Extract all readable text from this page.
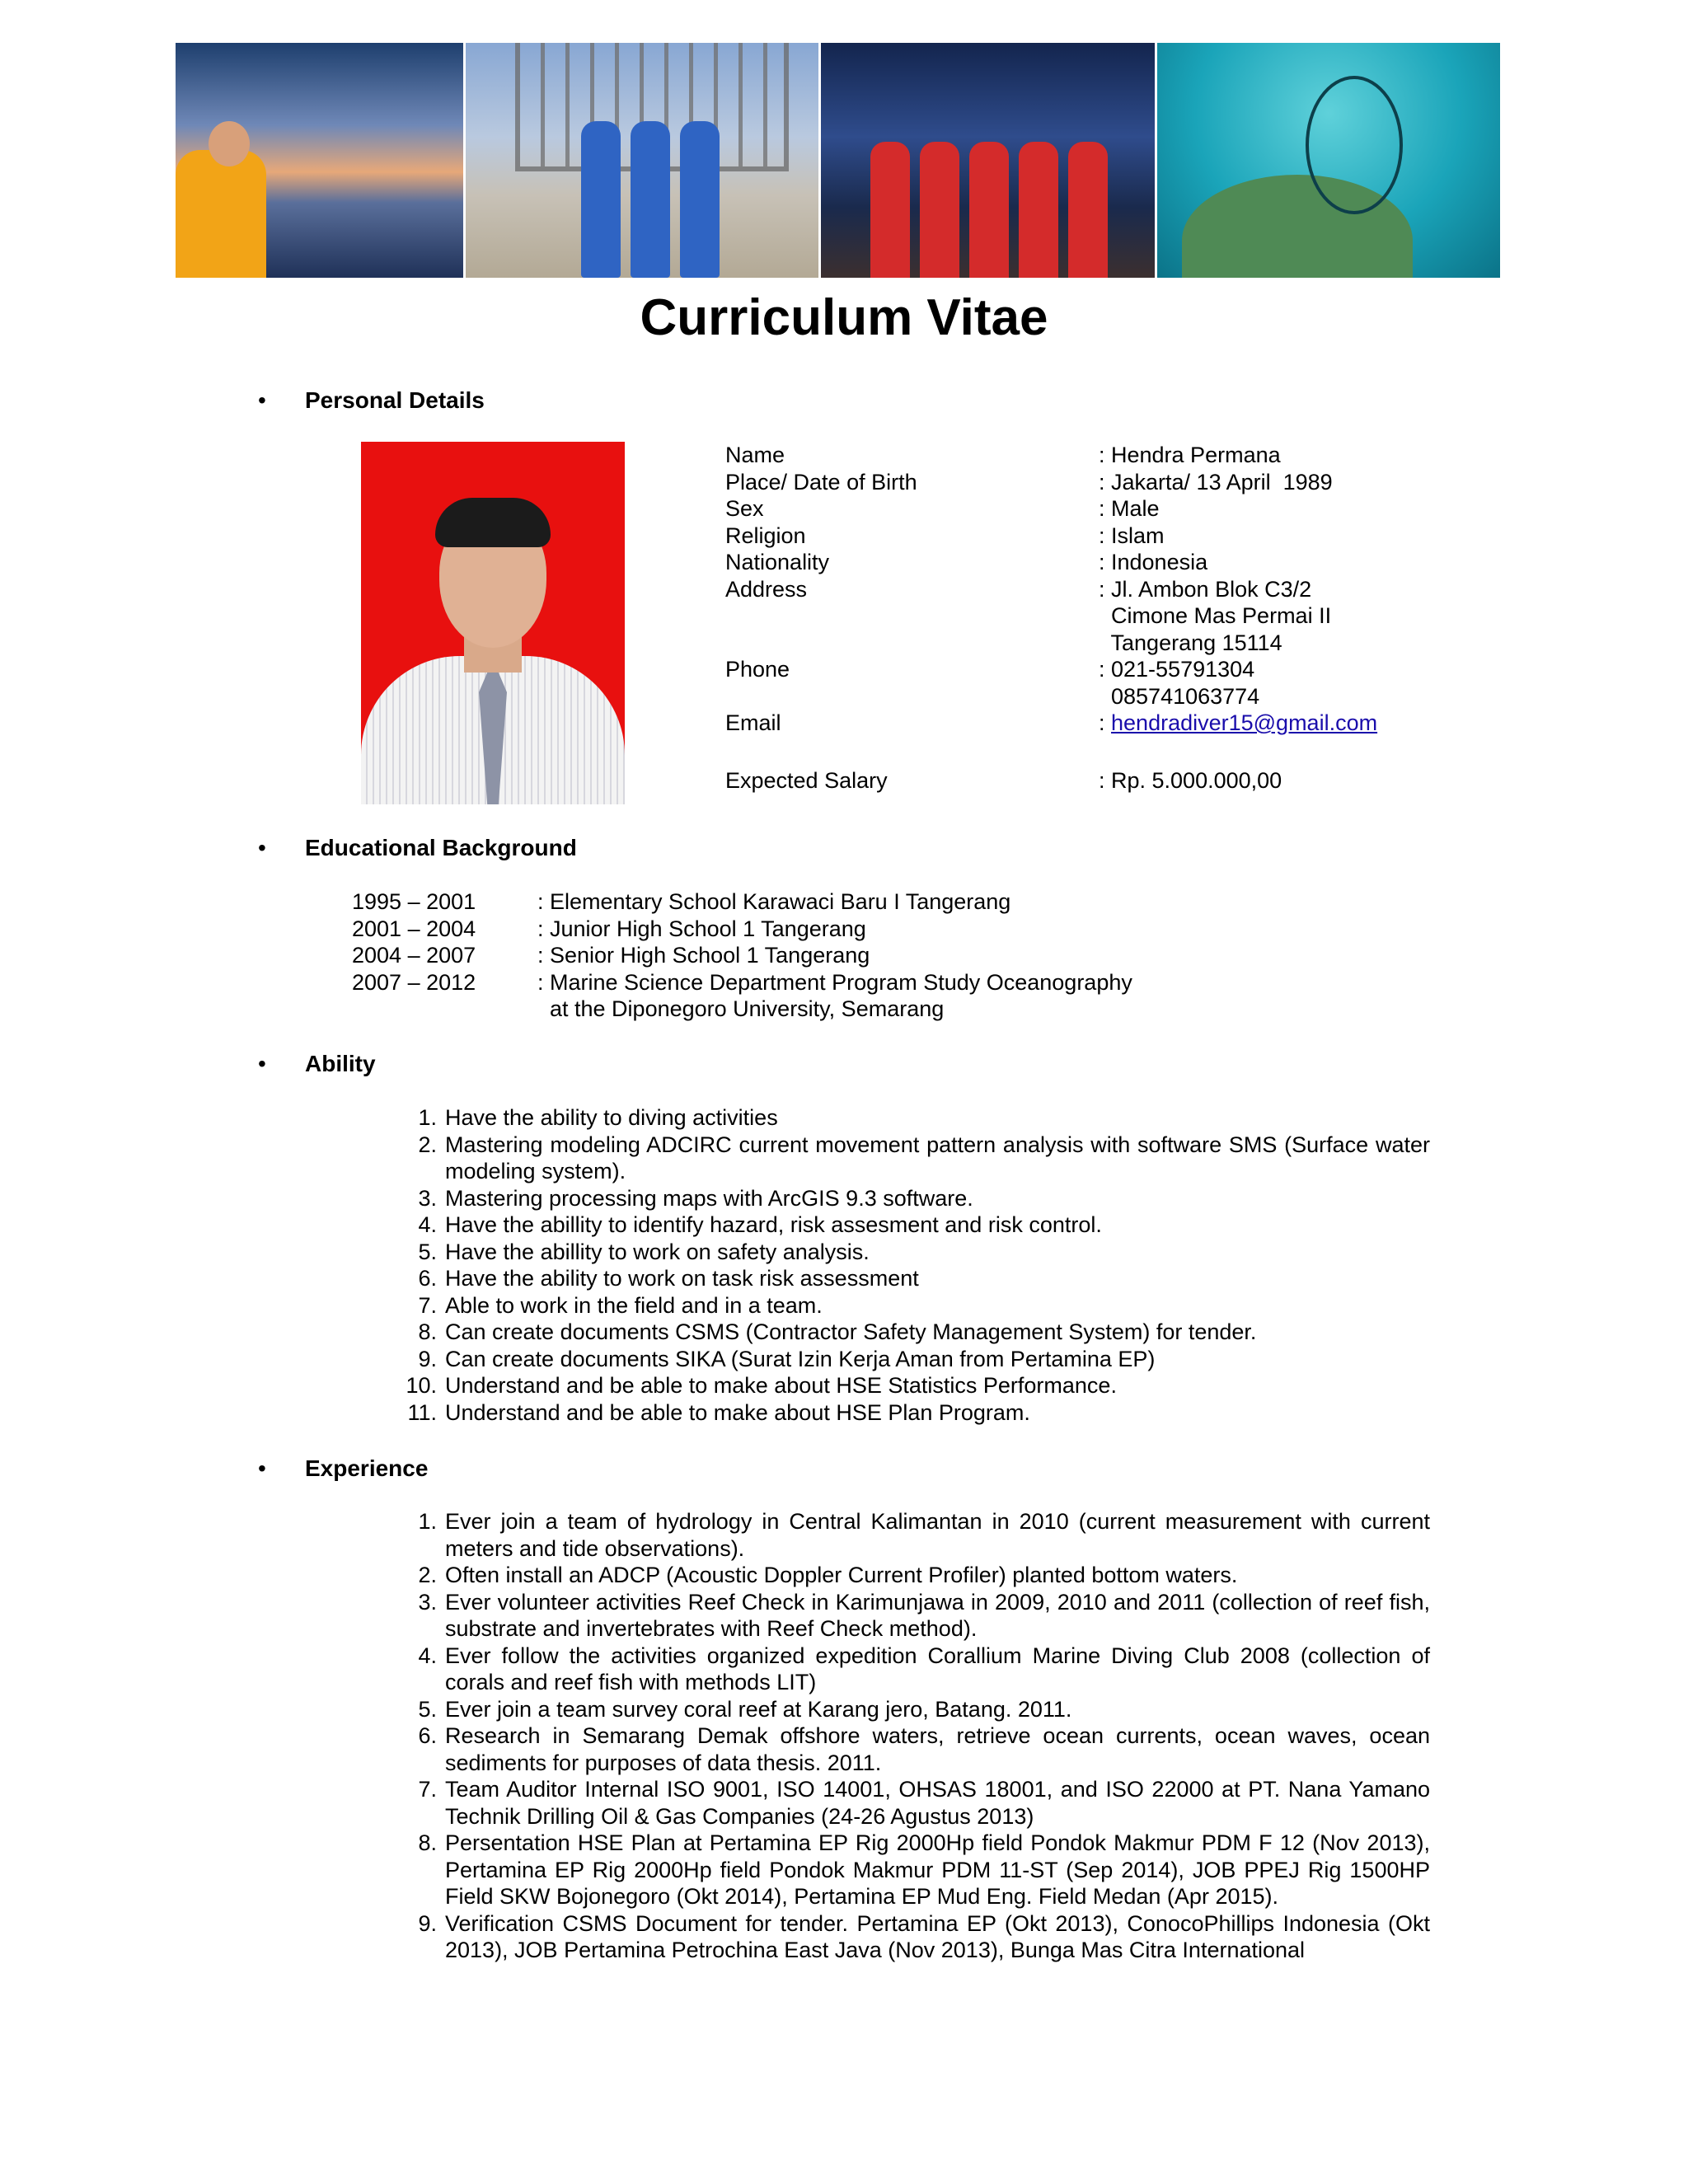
Curriculum Vitae
• Personal Details
Name	: Hendra Permana
Place/ Date of Birth	: Jakarta/ 13 April  1989
Sex	: Male
Religion	: Islam
Nationality	: Indonesia
Address	: Jl. Ambon Blok C3/2
Cimone Mas Permai II
Tangerang 15114
Phone	: 021-55791304
085741063774
Email	: hendradiver15@gmail.com
Expected Salary	: Rp. 5.000.000,00
• Educational Background
1995 – 2001	: Elementary School Karawaci Baru I Tangerang
2001 – 2004	: Junior High School 1 Tangerang
2004 – 2007	: Senior High School 1 Tangerang
2007 – 2012	: Marine Science Department Program Study Oceanography
at the Diponegoro University, Semarang
• Ability
1. Have the ability to diving activities
2. Mastering modeling ADCIRC current movement pattern analysis with software SMS (Surface water modeling system).
3. Mastering processing maps with ArcGIS 9.3 software.
4. Have the abillity to identify hazard, risk assesment and risk control.
5. Have the abillity to work on safety analysis.
6. Have the ability to work on task risk assessment
7. Able to work in the field and in a team.
8. Can create documents CSMS (Contractor Safety Management System) for tender.
9. Can create documents SIKA (Surat Izin Kerja Aman from Pertamina EP)
10. Understand and be able to make about HSE Statistics Performance.
11. Understand and be able to make about HSE Plan Program.
• Experience
1. Ever join a team of hydrology in Central Kalimantan in 2010 (current measurement with current meters and tide observations).
2. Often install an ADCP (Acoustic Doppler Current Profiler) planted bottom waters.
3. Ever volunteer activities Reef Check in Karimunjawa in 2009, 2010 and 2011 (collection of reef fish, substrate and invertebrates with Reef Check method).
4. Ever follow the activities organized expedition Corallium Marine Diving Club 2008 (collection of corals and reef fish with methods LIT)
5. Ever join a team survey coral reef at Karang jero, Batang. 2011.
6. Research in Semarang Demak offshore waters, retrieve ocean currents, ocean waves, ocean sediments for purposes of data thesis. 2011.
7. Team Auditor Internal ISO 9001, ISO 14001, OHSAS 18001, and ISO 22000 at PT. Nana Yamano Technik Drilling Oil & Gas Companies (24-26 Agustus 2013)
8. Persentation HSE Plan at Pertamina EP Rig 2000Hp field Pondok Makmur PDM F 12 (Nov 2013), Pertamina EP Rig 2000Hp field Pondok Makmur PDM 11-ST (Sep 2014), JOB PPEJ Rig 1500HP Field SKW Bojonegoro (Okt 2014), Pertamina EP Mud Eng. Field Medan (Apr 2015).
9. Verification CSMS Document for tender. Pertamina EP (Okt 2013), ConocoPhillips Indonesia (Okt 2013), JOB Pertamina Petrochina East Java (Nov 2013), Bunga Mas Citra International
